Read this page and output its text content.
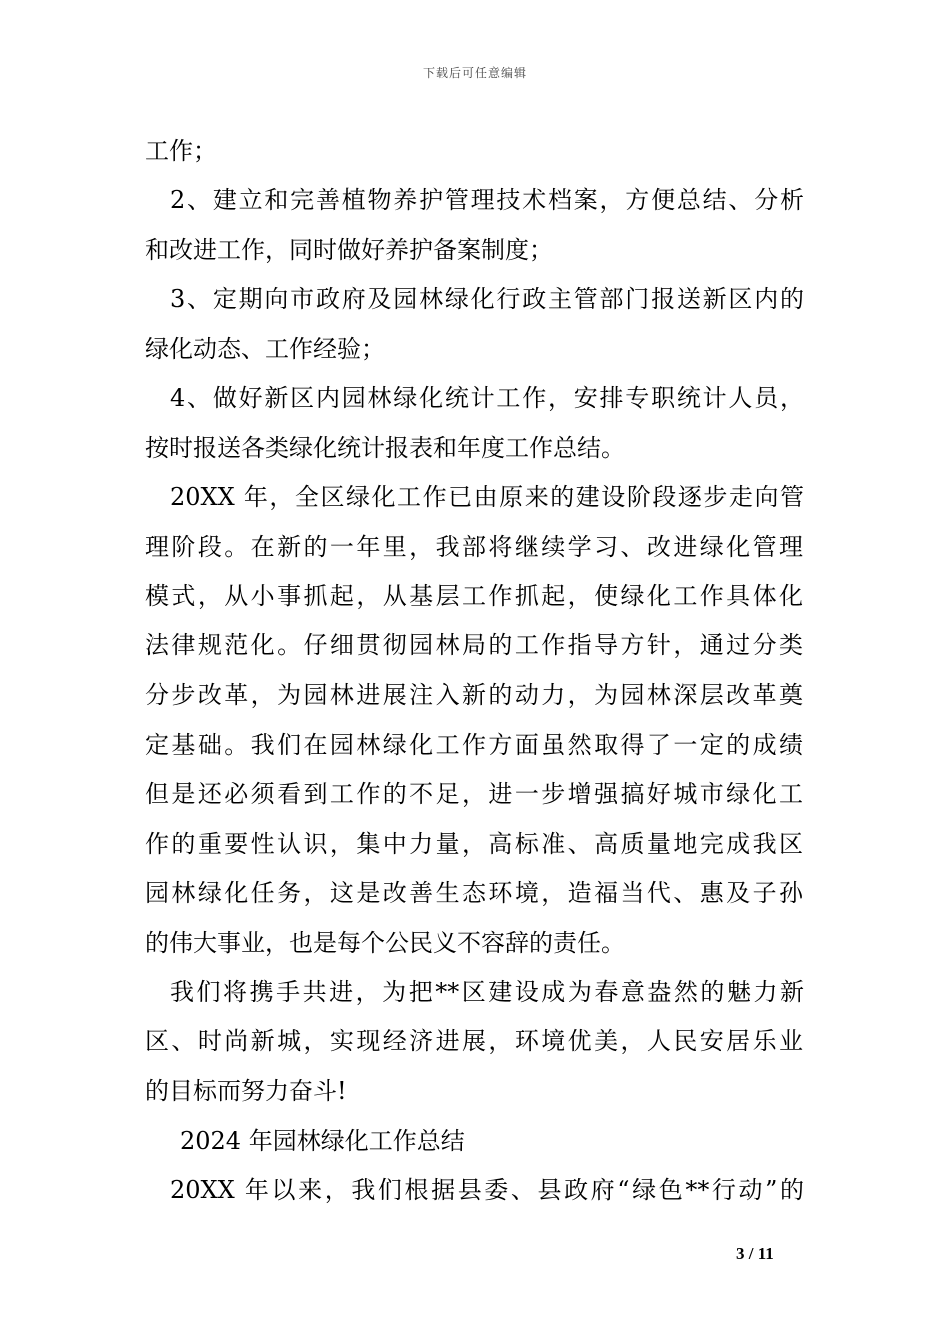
下载后可任意编辑
工作；
2、建立和完善植物养护管理技术档案，方便总结、分析
和改进工作，同时做好养护备案制度；
3、定期向市政府及园林绿化行政主管部门报送新区内的
绿化动态、工作经验；
4、做好新区内园林绿化统计工作，安排专职统计人员，
按时报送各类绿化统计报表和年度工作总结。
20XX 年，全区绿化工作已由原来的建设阶段逐步走向管
理阶段。在新的一年里，我部将继续学习、改进绿化管理
模式，从小事抓起，从基层工作抓起，使绿化工作具体化
法律规范化。仔细贯彻园林局的工作指导方针，通过分类
分步改革，为园林进展注入新的动力，为园林深层改革奠
定基础。我们在园林绿化工作方面虽然取得了一定的成绩
但是还必须看到工作的不足，进一步增强搞好城市绿化工
作的重要性认识，集中力量，高标准、高质量地完成我区
园林绿化任务，这是改善生态环境，造福当代、惠及子孙
的伟大事业，也是每个公民义不容辞的责任。
我们将携手共进，为把**区建设成为春意盎然的魅力新
区、时尚新城，实现经济进展，环境优美，人民安居乐业
的目标而努力奋斗!
2024 年园林绿化工作总结
20XX 年以来，我们根据县委、县政府“绿色**行动”的
3 / 11
